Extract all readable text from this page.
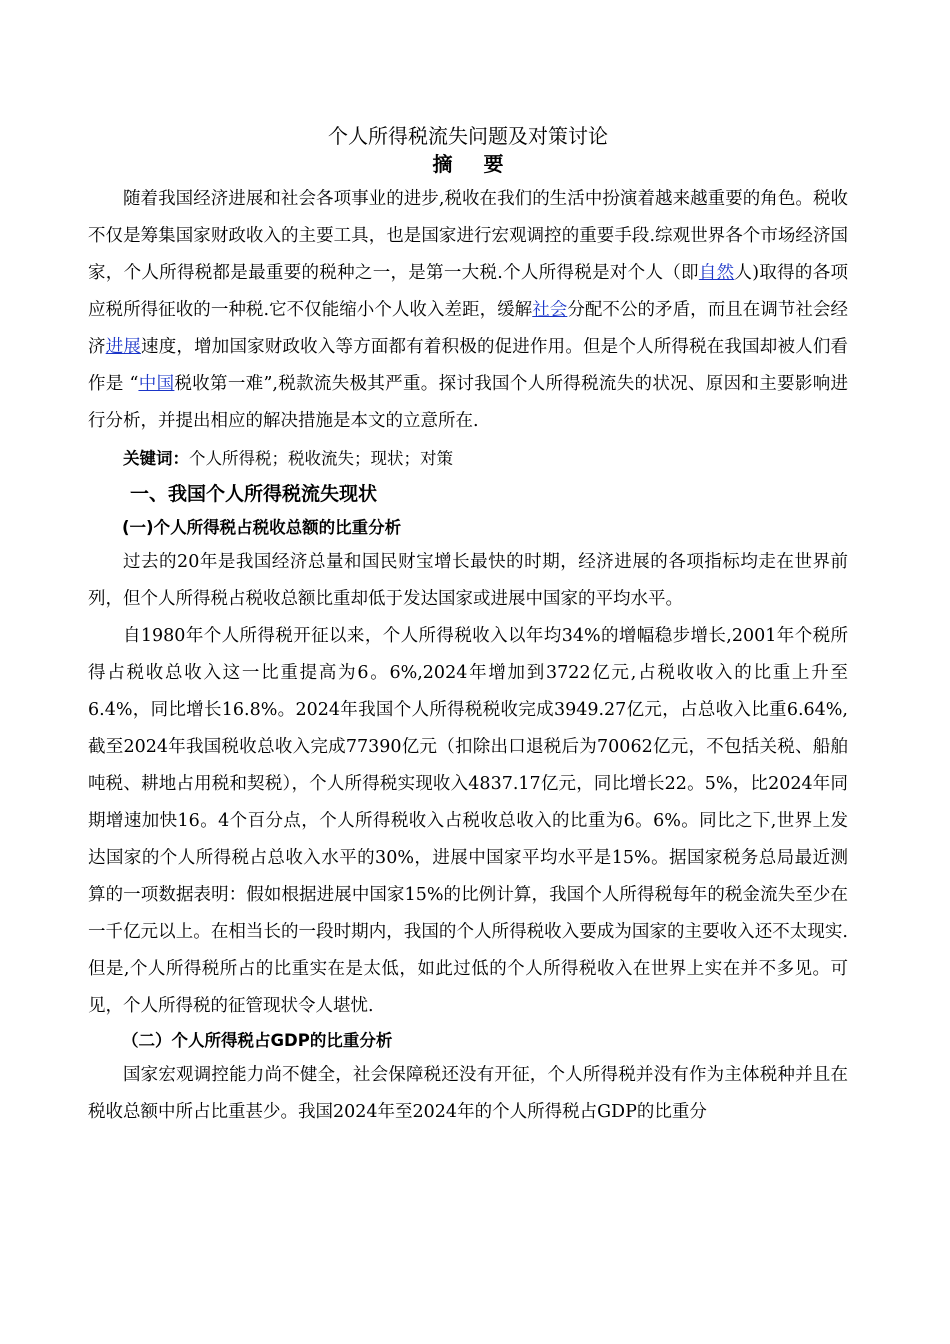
个人所得税流失问题及对策讨论
摘 要

随着我国经济进展和社会各项事业的进步,税收在我们的生活中扮演着越来越重要的角色。税收不仅是筹集国家财政收入的主要工具，也是国家进行宏观调控的重要手段.综观世界各个市场经济国家，个人所得税都是最重要的税种之一，是第一大税.个人所得税是对个人（即自然人)取得的各项应税所得征收的一种税.它不仅能缩小个人收入差距，缓解社会分配不公的矛盾，而且在调节社会经济进展速度，增加国家财政收入等方面都有着积极的促进作用。但是个人所得税在我国却被人们看作是 “中国税收第一难”,税款流失极其严重。探讨我国个人所得税流失的状况、原因和主要影响进行分析，并提出相应的解决措施是本文的立意所在.

关键词：个人所得税；税收流失；现状；对策

一、我国个人所得税流失现状
(一)个人所得税占税收总额的比重分析

过去的20年是我国经济总量和国民财宝增长最快的时期，经济进展的各项指标均走在世界前列，但个人所得税占税收总额比重却低于发达国家或进展中国家的平均水平。

自1980年个人所得税开征以来，个人所得税收入以年均34%的增幅稳步增长,2001年个税所得占税收总收入这一比重提高为6。6%,2024年增加到3722亿元,占税收收入的比重上升至6.4%，同比增长16.8%。2024年我国个人所得税税收完成3949.27亿元，占总收入比重6.64%,截至2024年我国税收总收入完成77390亿元（扣除出口退税后为70062亿元，不包括关税、船舶吨税、耕地占用税和契税），个人所得税实现收入4837.17亿元，同比增长22。5%，比2024年同期增速加快16。4个百分点，个人所得税收入占税收总收入的比重为6。6%。同比之下,世界上发达国家的个人所得税占总收入水平的30%，进展中国家平均水平是15%。据国家税务总局最近测算的一项数据表明：假如根据进展中国家15%的比例计算，我国个人所得税每年的税金流失至少在一千亿元以上。在相当长的一段时期内，我国的个人所得税收入要成为国家的主要收入还不太现实.但是,个人所得税所占的比重实在是太低，如此过低的个人所得税收入在世界上实在并不多见。可见，个人所得税的征管现状令人堪忧.

（二）个人所得税占GDP的比重分析

国家宏观调控能力尚不健全，社会保障税还没有开征，个人所得税并没有作为主体税种并且在税收总额中所占比重甚少。我国2024年至2024年的个人所得税占GDP的比重分
